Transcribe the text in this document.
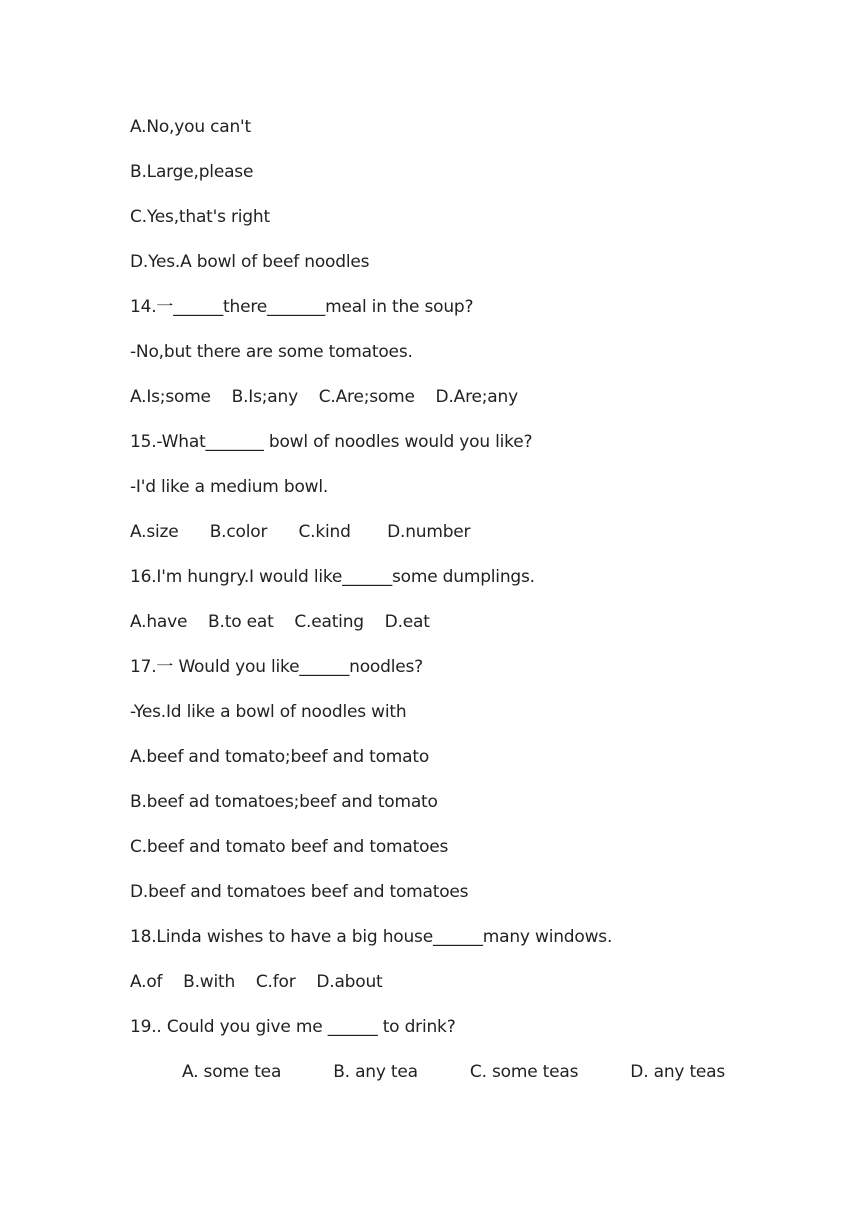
A.No,you can't
B.Large,please
C.Yes,that's right
D.Yes.A bowl of beef noodles
14.一______there_______meal in the soup?
-No,but there are some tomatoes.
A.Is;some    B.Is;any    C.Are;some    D.Are;any
15.-What_______ bowl of noodles would you like?
-I'd like a medium bowl.
A.size      B.color      C.kind       D.number
16.I'm hungry.I would like______some dumplings.
A.have    B.to eat    C.eating    D.eat
17.一 Would you like______noodles?
-Yes.Id like a bowl of noodles with
A.beef and tomato;beef and tomato
B.beef ad tomatoes;beef and tomato
C.beef and tomato beef and tomatoes
D.beef and tomatoes beef and tomatoes
18.Linda wishes to have a big house______many windows.
A.of    B.with    C.for    D.about
19.. Could you give me ______ to drink?
A. some tea          B. any tea          C. some teas          D. any teas
